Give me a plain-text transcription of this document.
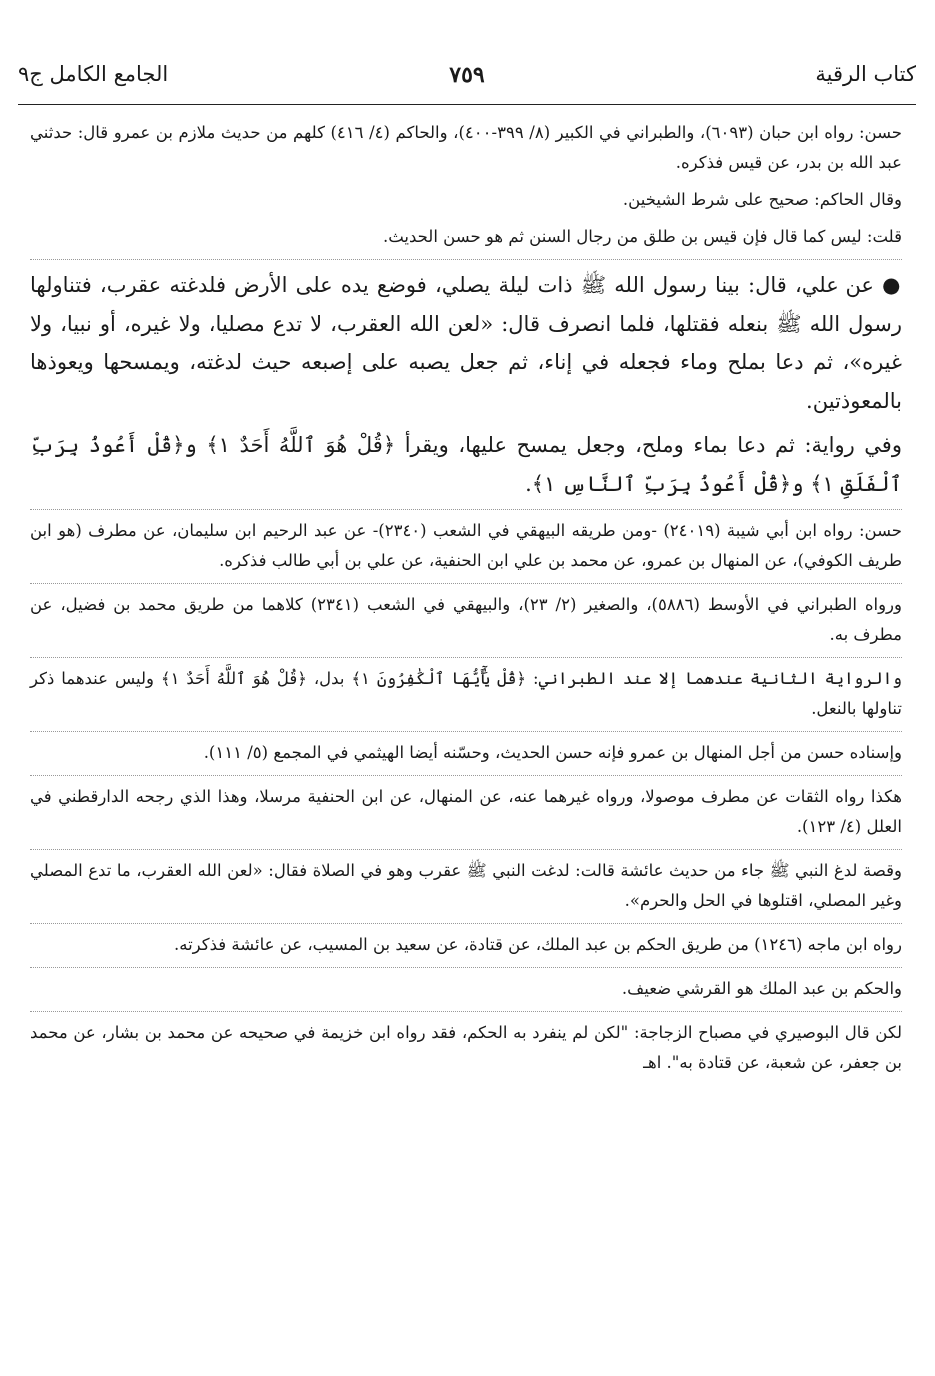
كتاب الرقية
٧٥٩
الجامع الكامل ج٩

حسن: رواه ابن حبان (٦٠٩٣)، والطبراني في الكبير (٨/ ٣٩٩-٤٠٠)، والحاكم (٤/ ٤١٦) كلهم من حديث ملازم بن عمرو قال: حدثني عبد الله بن بدر، عن قيس فذكره.

وقال الحاكم: صحيح على شرط الشيخين.

قلت: ليس كما قال فإن قيس بن طلق من رجال السنن ثم هو حسن الحديث.

● عن علي، قال: بينا رسول الله ﷺ ذات ليلة يصلي، فوضع يده على الأرض فلدغته عقرب، فتناولها رسول الله ﷺ بنعله فقتلها، فلما انصرف قال: «لعن الله العقرب، لا تدع مصليا، ولا غيره، أو نبيا، ولا غيره»، ثم دعا بملح وماء فجعله في إناء، ثم جعل يصبه على إصبعه حيث لدغته، ويمسحها ويعوذها بالمعوذتين.

وفي رواية: ثم دعا بماء وملح، وجعل يمسح عليها، ويقرأ ﴿قُلْ هُوَ ٱللَّهُ أَحَدٌ ١﴾ و﴿قُلْ أَعُوذُ بِرَبِّ ٱلْفَلَقِ ١﴾ و﴿قُلْ أَعُوذُ بِرَبِّ ٱلنَّاسِ ١﴾.

حسن: رواه ابن أبي شيبة (٢٤٠١٩) -ومن طريقه البيهقي في الشعب (٢٣٤٠)- عن عبد الرحيم ابن سليمان، عن مطرف (هو ابن طريف الكوفي)، عن المنهال بن عمرو، عن محمد بن علي ابن الحنفية، عن علي بن أبي طالب فذكره.

ورواه الطبراني في الأوسط (٥٨٨٦)، والصغير (٢/ ٢٣)، والبيهقي في الشعب (٢٣٤١) كلاهما من طريق محمد بن فضيل، عن مطرف به.

والرواية الثانية عندهما إلا عند الطبراني: ﴿قُلْ يَٰٓأَيُّهَا ٱلْكَٰفِرُونَ ١﴾ بدل، ﴿قُلْ هُوَ ٱللَّهُ أَحَدٌ ١﴾ وليس عندهما ذكر تناولها بالنعل.

وإسناده حسن من أجل المنهال بن عمرو فإنه حسن الحديث، وحسّنه أيضا الهيثمي في المجمع (٥/ ١١١).

هكذا رواه الثقات عن مطرف موصولا، ورواه غيرهما عنه، عن المنهال، عن ابن الحنفية مرسلا، وهذا الذي رجحه الدارقطني في العلل (٤/ ١٢٣).

وقصة لدغ النبي ﷺ جاء من حديث عائشة قالت: لدغت النبي ﷺ عقرب وهو في الصلاة فقال: «لعن الله العقرب، ما تدع المصلي وغير المصلي، اقتلوها في الحل والحرم».

رواه ابن ماجه (١٢٤٦) من طريق الحكم بن عبد الملك، عن قتادة، عن سعيد بن المسيب، عن عائشة فذكرته.

والحكم بن عبد الملك هو القرشي ضعيف.

لكن قال البوصيري في مصباح الزجاجة: "لكن لم ينفرد به الحكم، فقد رواه ابن خزيمة في صحيحه عن محمد بن بشار، عن محمد بن جعفر، عن شعبة، عن قتادة به". اهـ
